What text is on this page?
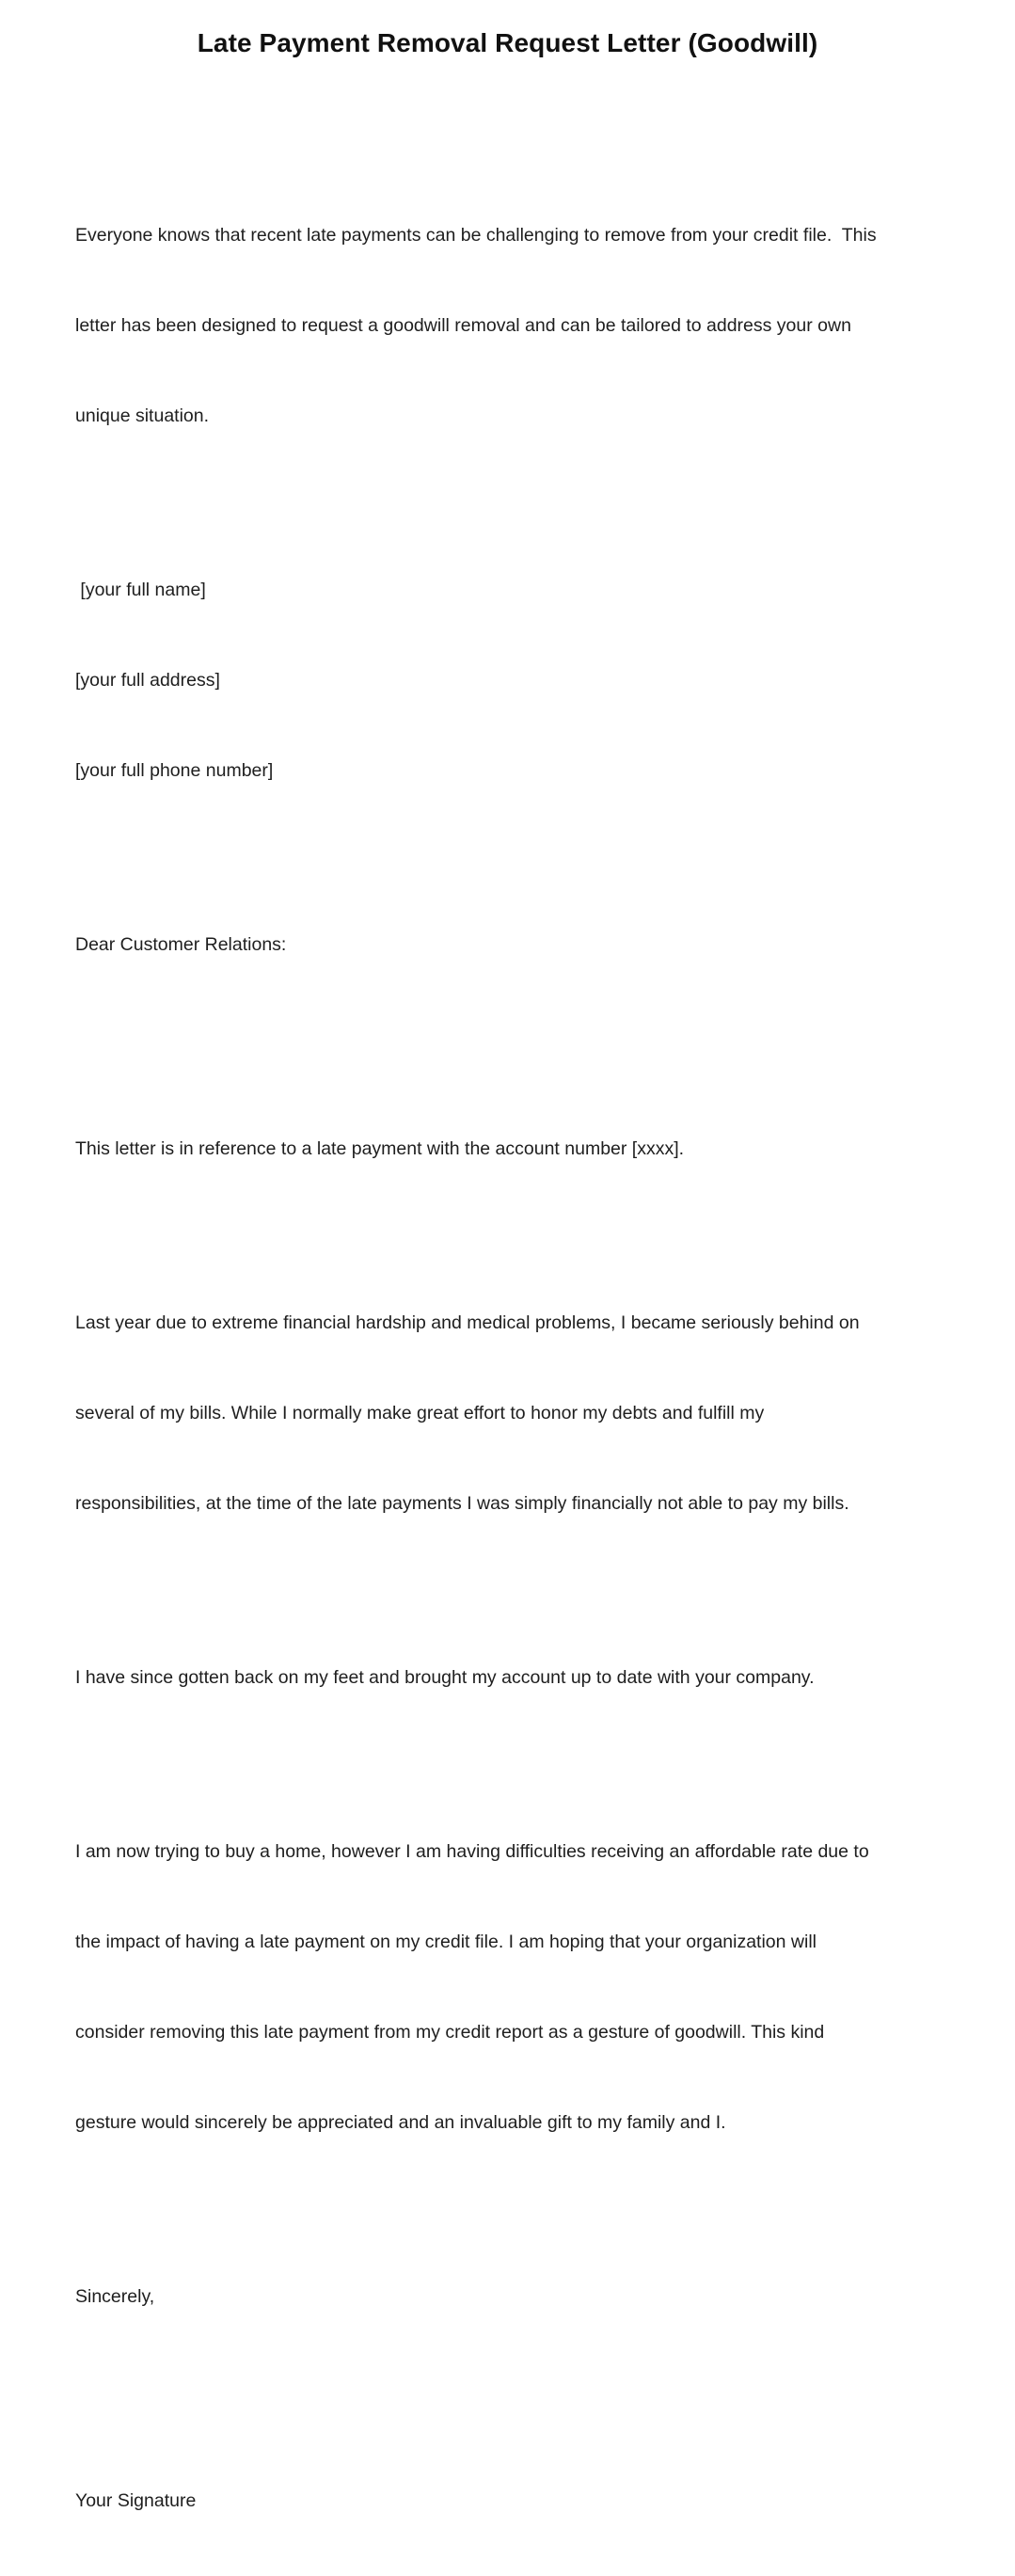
Late Payment Removal Request Letter (Goodwill)

Everyone knows that recent late payments can be challenging to remove from your credit file.  This

letter has been designed to request a goodwill removal and can be tailored to address your own

unique situation.

[your full name]

[your full address]

[your full phone number]

Dear Customer Relations:

This letter is in reference to a late payment with the account number [xxxx].

Last year due to extreme financial hardship and medical problems, I became seriously behind on

several of my bills. While I normally make great effort to honor my debts and fulfill my

responsibilities, at the time of the late payments I was simply financially not able to pay my bills.

I have since gotten back on my feet and brought my account up to date with your company.

I am now trying to buy a home, however I am having difficulties receiving an affordable rate due to

the impact of having a late payment on my credit file. I am hoping that your organization will

consider removing this late payment from my credit report as a gesture of goodwill. This kind

gesture would sincerely be appreciated and an invaluable gift to my family and I.

Sincerely,

Your Signature
